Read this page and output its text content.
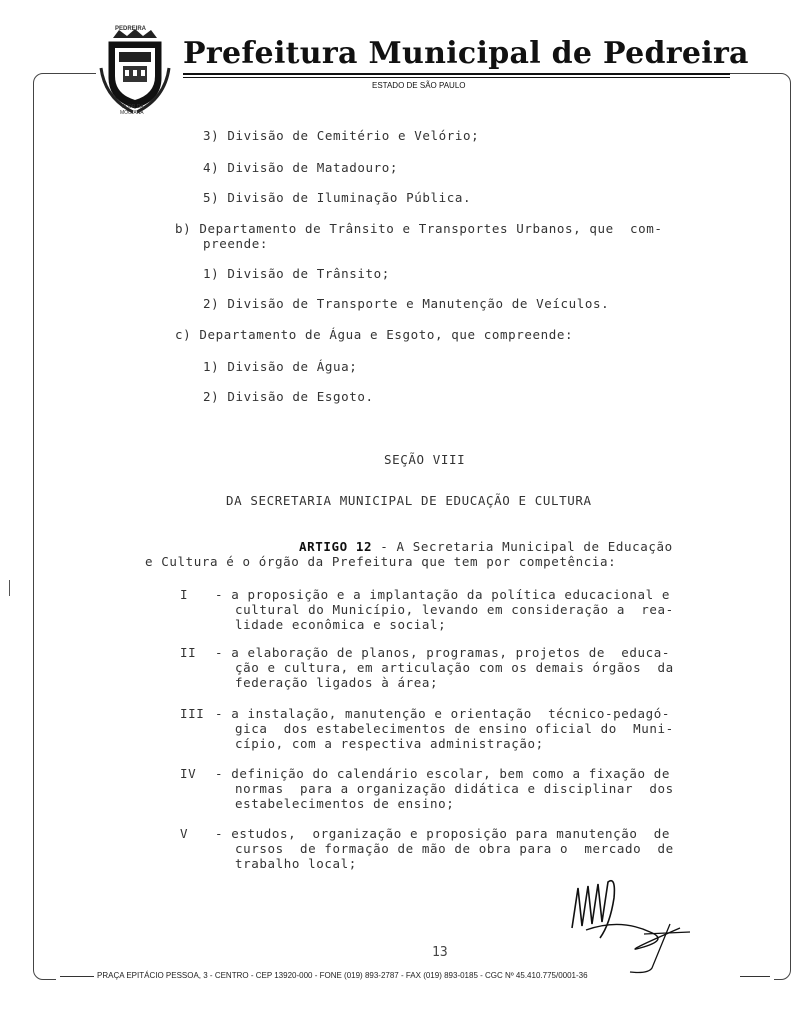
PEDREIRA
FLOR DA
MOGIANA
Prefeitura Municipal de Pedreira
ESTADO DE SÃO PAULO
3) Divisão de Cemitério e Velório;
4) Divisão de Matadouro;
5) Divisão de Iluminação Pública.
b) Departamento de Trânsito e Transportes Urbanos, que  com-
preende:
1) Divisão de Trânsito;
2) Divisão de Transporte e Manutenção de Veículos.
c) Departamento de Água e Esgoto, que compreende:
1) Divisão de Água;
2) Divisão de Esgoto.
SEÇÃO VIII
DA SECRETARIA MUNICIPAL DE EDUCAÇÃO E CULTURA
ARTIGO 12 - A Secretaria Municipal de Educação
e Cultura é o órgão da Prefeitura que tem por competência:
I - a proposição e a implantação da política educacional e
cultural do Município, levando em consideração a  rea-
lidade econômica e social;
II - a elaboração de planos, programas, projetos de  educa-
ção e cultura, em articulação com os demais órgãos  da
federação ligados à área;
III - a instalação, manutenção e orientação  técnico-pedagó-
gica  dos estabelecimentos de ensino oficial do  Muni-
cípio, com a respectiva administração;
IV - definição do calendário escolar, bem como a fixação de
normas  para a organização didática e disciplinar  dos
estabelecimentos de ensino;
V - estudos,  organização e proposição para manutenção  de
cursos  de formação de mão de obra para o  mercado  de
trabalho local;
13
PRAÇA EPITÁCIO PESSOA, 3 - CENTRO - CEP 13920-000 - FONE (019) 893-2787 - FAX (019) 893-0185 - CGC Nº 45.410.775/0001-36
